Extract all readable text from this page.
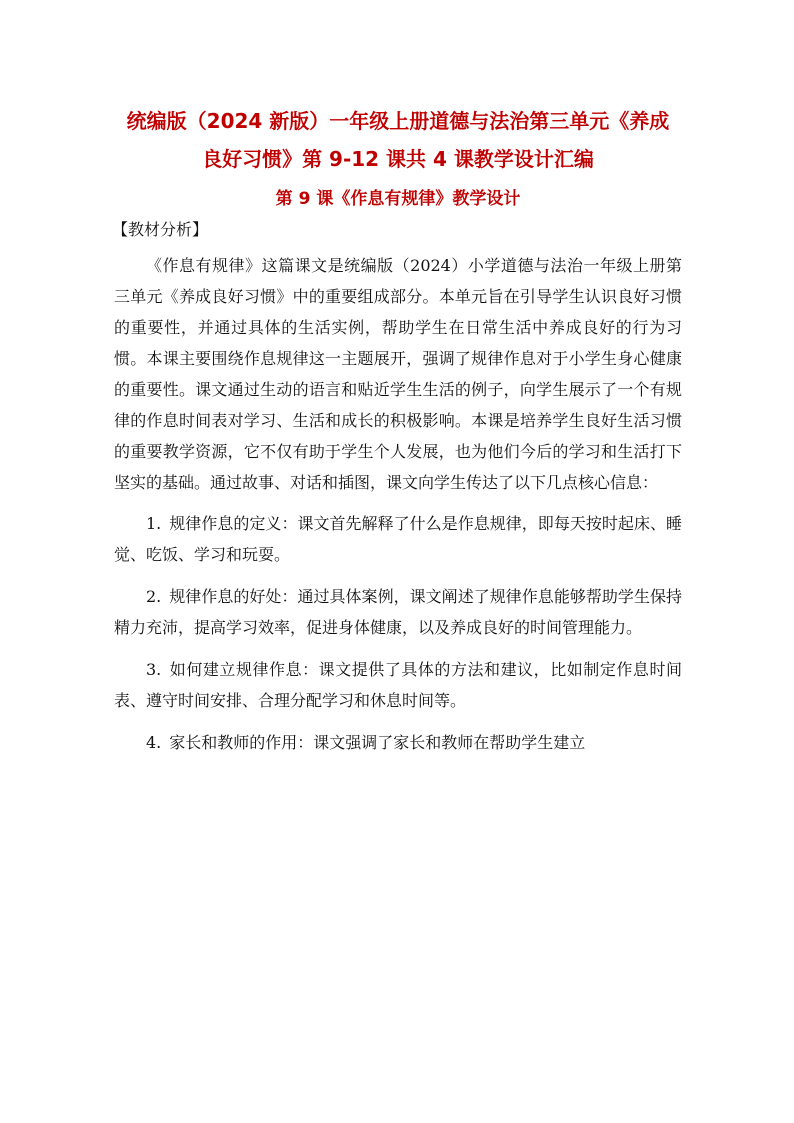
统编版（2024 新版）一年级上册道德与法治第三单元《养成良好习惯》第 9-12 课共 4 课教学设计汇编
第 9 课《作息有规律》教学设计
【教材分析】

《作息有规律》这篇课文是统编版（2024）小学道德与法治一年级上册第三单元《养成良好习惯》中的重要组成部分。本单元旨在引导学生认识良好习惯的重要性，并通过具体的生活实例，帮助学生在日常生活中养成良好的行为习惯。本课主要围绕作息规律这一主题展开，强调了规律作息对于小学生身心健康的重要性。课文通过生动的语言和贴近学生生活的例子，向学生展示了一个有规律的作息时间表对学习、生活和成长的积极影响。本课是培养学生良好生活习惯的重要教学资源，它不仅有助于学生个人发展，也为他们今后的学习和生活打下坚实的基础。通过故事、对话和插图，课文向学生传达了以下几点核心信息：

1. 规律作息的定义：课文首先解释了什么是作息规律，即每天按时起床、睡觉、吃饭、学习和玩耍。
2. 规律作息的好处：通过具体案例，课文阐述了规律作息能够帮助学生保持精力充沛，提高学习效率，促进身体健康，以及养成良好的时间管理能力。
3. 如何建立规律作息：课文提供了具体的方法和建议，比如制定作息时间表、遵守时间安排、合理分配学习和休息时间等。
4. 家长和教师的作用：课文强调了家长和教师在帮助学生建立
